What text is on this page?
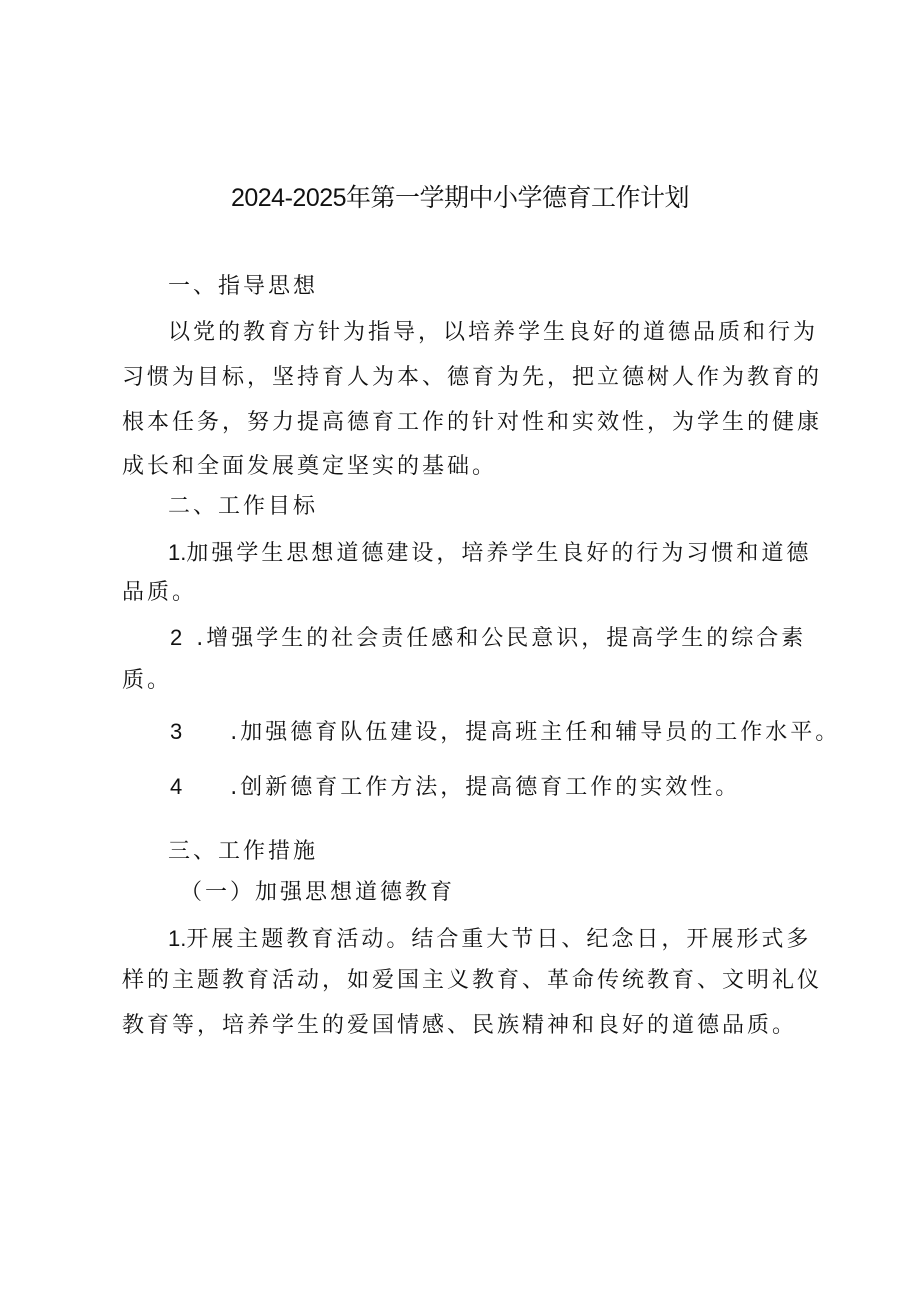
2024-2025年第一学期中小学德育工作计划
一、指导思想
以党的教育方针为指导，以培养学生良好的道德品质和行为
习惯为目标，坚持育人为本、德育为先，把立德树人作为教育的
根本任务，努力提高德育工作的针对性和实效性，为学生的健康
成长和全面发展奠定坚实的基础。
二、工作目标
1.加强学生思想道德建设，培养学生良好的行为习惯和道德
品质。
2 .增强学生的社会责任感和公民意识，提高学生的综合素
质。
3 .加强德育队伍建设，提高班主任和辅导员的工作水平。
4 .创新德育工作方法，提高德育工作的实效性。
三、工作措施
（一）加强思想道德教育
1.开展主题教育活动。结合重大节日、纪念日，开展形式多
样的主题教育活动，如爱国主义教育、革命传统教育、文明礼仪
教育等，培养学生的爱国情感、民族精神和良好的道德品质。
